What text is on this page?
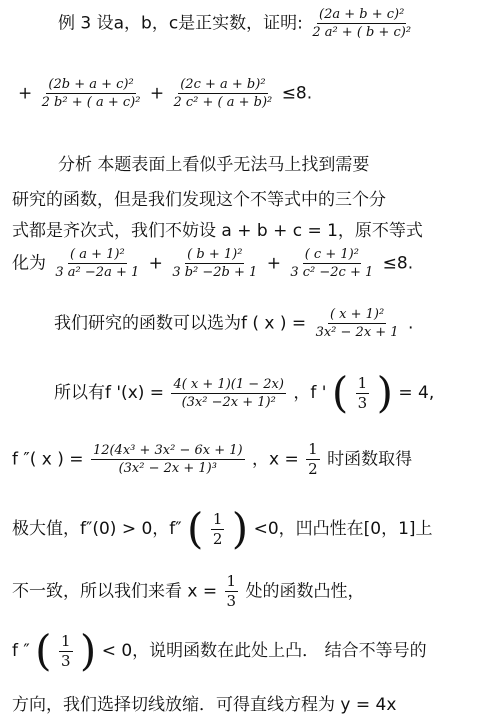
例 3 设a，b，c是正实数，证明: $\frac{\text{(2a + b + c)²}}{\text{2 a² + ( b + c)²}}$
+ $\frac{\text{(2b + a + c)²}}{\text{2 b² + ( a + c)²}} + \frac{\text{(2c + a + b)²}}{\text{2 c² + ( a + b)²}} \le 8$.
分析 本题表面上看似乎无法马上找到需要
研究的函数，但是我们发现这个不等式中的三个分
式都是齐次式，我们不妨设 a + b + c = 1，原不等式
化为 $\frac{\text{( a + 1)²}}{\text{3 a² −2a + 1}} + \frac{\text{( b + 1)²}}{\text{3 b² −2b + 1}} + \frac{\text{( c + 1)²}}{\text{3 c² −2c + 1}} \le 8$.
我们研究的函数可以选为f ( x ) = $\frac{\text{( x + 1)²}}{\text{3x² − 2x + 1}}$ .
所以有f '$(x) = \frac{4( x + 1)(1 - 2x)}{\text{(3x² −2x + 1)²}}$ ，f ' ( $\frac{1}{3}$ ) = 4,
f ″( x ) = $\frac{\text{12(4x³ + 3x² − 6x + 1)}}{\text{(3x² − 2x + 1)³}}$ ，$x = \frac{1}{2}$ 时函数取得
极大值，f″(0) > 0，f″ ( $\frac{1}{2}$ ) <0，凹凸性在[0，1]上
不一致，所以我们来看 $x = \frac{1}{3}$ 处的函数凸性，
f ″ ( $\frac{1}{3}$ ) < 0，说明函数在此处上凸． 结合不等号的
方向，我们选择切线放缩．可得直线方程为 y = 4x
